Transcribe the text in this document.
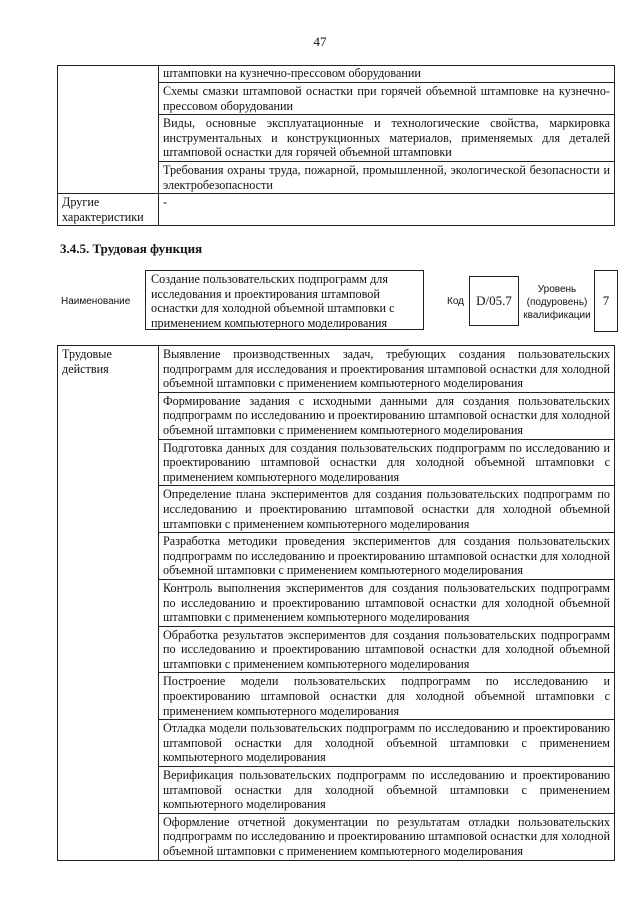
47
	штамповки на кузнечно-прессовом оборудовании
	Схемы смазки штамповой оснастки при горячей объемной штамповке на кузнечно-прессовом оборудовании
	Виды, основные эксплуатационные и технологические свойства, маркировка инструментальных и конструкционных материалов, применяемых для деталей штамповой оснастки для горячей объемной штамповки
	Требования охраны труда, пожарной, промышленной, экологической безопасности и электробезопасности
Другие характеристики	-
3.4.5. Трудовая функция
Наименование
Создание пользовательских подпрограмм для исследования и проектирования штамповой оснастки для холодной объемной штамповки с применением компьютерного моделирования
Код D/05.7
Уровень (подуровень) квалификации
7
Трудовые действия	Выявление производственных задач, требующих создания пользовательских подпрограмм для исследования и проектирования штамповой оснастки для холодной объемной штамповки с применением компьютерного моделирования
Формирование задания с исходными данными для создания пользовательских подпрограмм по исследованию и проектированию штамповой оснастки для холодной объемной штамповки с применением компьютерного моделирования
Подготовка данных для создания пользовательских подпрограмм по исследованию и проектированию штамповой оснастки для холодной объемной штамповки с применением компьютерного моделирования
Определение плана экспериментов для создания пользовательских подпрограмм по исследованию и проектированию штамповой оснастки для холодной объемной штамповки с применением компьютерного моделирования
Разработка методики проведения экспериментов для создания пользовательских подпрограмм по исследованию и проектированию штамповой оснастки для холодной объемной штамповки с применением компьютерного моделирования
Контроль выполнения экспериментов для создания пользовательских подпрограмм по исследованию и проектированию штамповой оснастки для холодной объемной штамповки с применением компьютерного моделирования
Обработка результатов экспериментов для создания пользовательских подпрограмм по исследованию и проектированию штамповой оснастки для холодной объемной штамповки с применением компьютерного моделирования
Построение модели пользовательских подпрограмм по исследованию и проектированию штамповой оснастки для холодной объемной штамповки с применением компьютерного моделирования
Отладка модели пользовательских подпрограмм по исследованию и проектированию штамповой оснастки для холодной объемной штамповки с применением компьютерного моделирования
Верификация пользовательских подпрограмм по исследованию и проектированию штамповой оснастки для холодной объемной штамповки с применением компьютерного моделирования
Оформление отчетной документации по результатам отладки пользовательских подпрограмм по исследованию и проектированию штамповой оснастки для холодной объемной штамповки с применением компьютерного моделирования
